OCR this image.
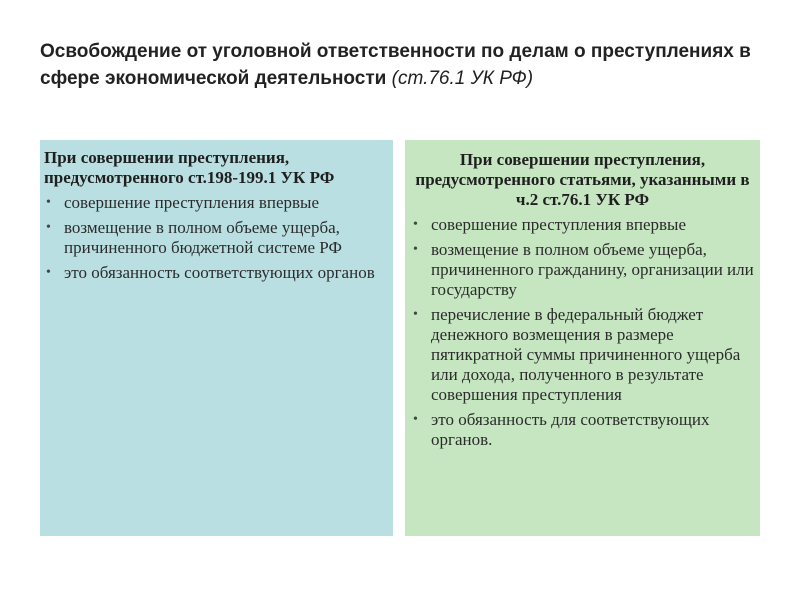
Освобождение от уголовной ответственности по делам о преступлениях в сфере экономической деятельности (ст.76.1 УК РФ)
При совершении преступления, предусмотренного ст.198-199.1 УК РФ
• совершение преступления впервые
• возмещение в полном объеме ущерба, причиненного бюджетной системе РФ
• это обязанность соответствующих органов
При совершении преступления, предусмотренного статьями, указанными в ч.2 ст.76.1 УК РФ
• совершение преступления впервые
• возмещение в полном объеме ущерба, причиненного гражданину, организации или государству
• перечисление в федеральный бюджет денежного возмещения в размере пятикратной суммы причиненного ущерба или дохода, полученного в результате совершения преступления
• это обязанность для соответствующих органов.
